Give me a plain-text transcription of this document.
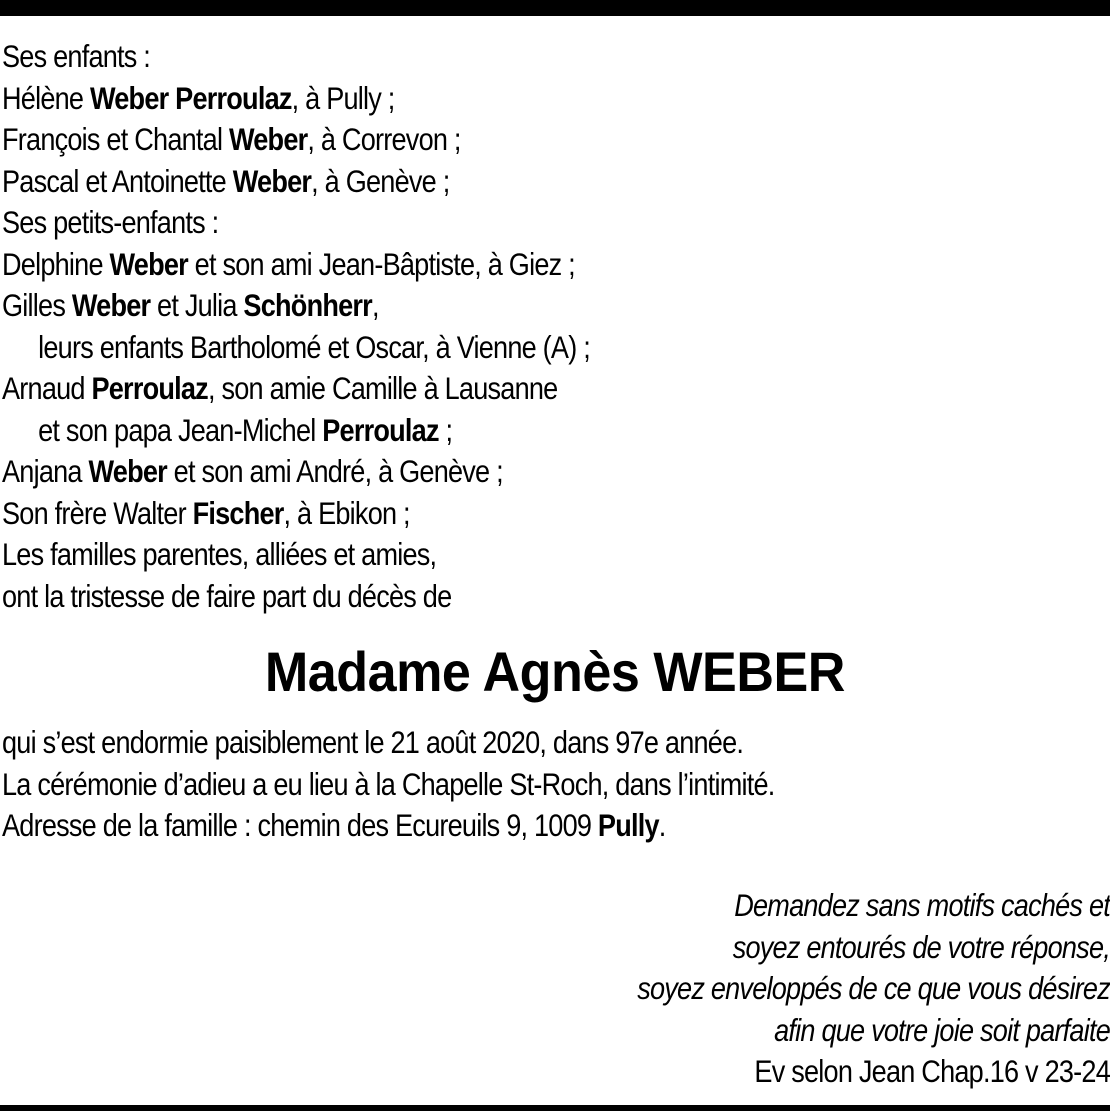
Ses enfants :
Hélène Weber Perroulaz, à Pully ;
François et Chantal Weber, à Correvon ;
Pascal et Antoinette Weber, à Genève ;
Ses petits-enfants :
Delphine Weber et son ami Jean-Bâptiste, à Giez ;
Gilles Weber et Julia Schönherr,
leurs enfants Bartholomé et Oscar, à Vienne (A) ;
Arnaud Perroulaz, son amie Camille à Lausanne
et son papa Jean-Michel Perroulaz ;
Anjana Weber et son ami André, à Genève ;
Son frère Walter Fischer, à Ebikon ;
Les familles parentes, alliées et amies,
ont la tristesse de faire part du décès de
Madame Agnès WEBER
qui s’est endormie paisiblement le 21 août 2020, dans 97e année.
La cérémonie d’adieu a eu lieu à la Chapelle St-Roch, dans l’intimité.
Adresse de la famille : chemin des Ecureuils 9, 1009 Pully.
Demandez sans motifs cachés et
soyez entourés de votre réponse,
soyez enveloppés de ce que vous désirez
afin que votre joie soit parfaite
Ev selon Jean Chap.16 v 23-24
